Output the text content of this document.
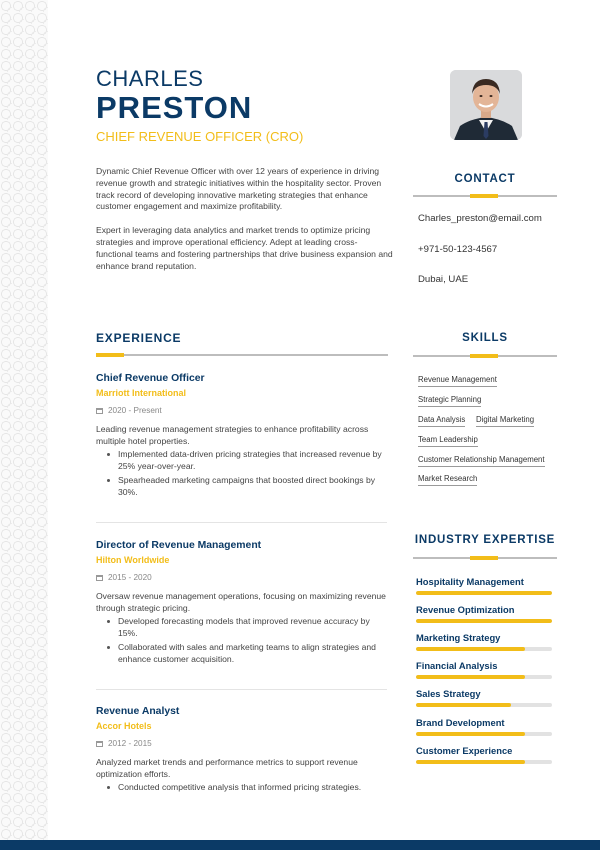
CHARLES
PRESTON
CHIEF REVENUE OFFICER (CRO)

Dynamic Chief Revenue Officer with over 12 years of experience in driving revenue growth and strategic initiatives within the hospitality sector. Proven track record of developing innovative marketing strategies that enhance customer engagement and maximize profitability.

Expert in leveraging data analytics and market trends to optimize pricing strategies and improve operational efficiency. Adept at leading cross-functional teams and fostering partnerships that drive business expansion and enhance brand reputation.

CONTACT
Charles_preston@email.com
+971-50-123-4567
Dubai, UAE
EXPERIENCE
Chief Revenue Officer
Marriott International
2020 - Present
Leading revenue management strategies to enhance profitability across multiple hotel properties.
Implemented data-driven pricing strategies that increased revenue by 25% year-over-year.
Spearheaded marketing campaigns that boosted direct bookings by 30%.
Director of Revenue Management
Hilton Worldwide
2015 - 2020
Oversaw revenue management operations, focusing on maximizing revenue through strategic pricing.
Developed forecasting models that improved revenue accuracy by 15%.
Collaborated with sales and marketing teams to align strategies and enhance customer acquisition.
Revenue Analyst
Accor Hotels
2012 - 2015
Analyzed market trends and performance metrics to support revenue optimization efforts.
Conducted competitive analysis that informed pricing strategies.
SKILLS
Revenue Management
Strategic Planning
Data Analysis Digital Marketing
Team Leadership
Customer Relationship Management
Market Research
INDUSTRY EXPERTISE
Hospitality Management
Revenue Optimization
Marketing Strategy
Financial Analysis
Sales Strategy
Brand Development
Customer Experience
